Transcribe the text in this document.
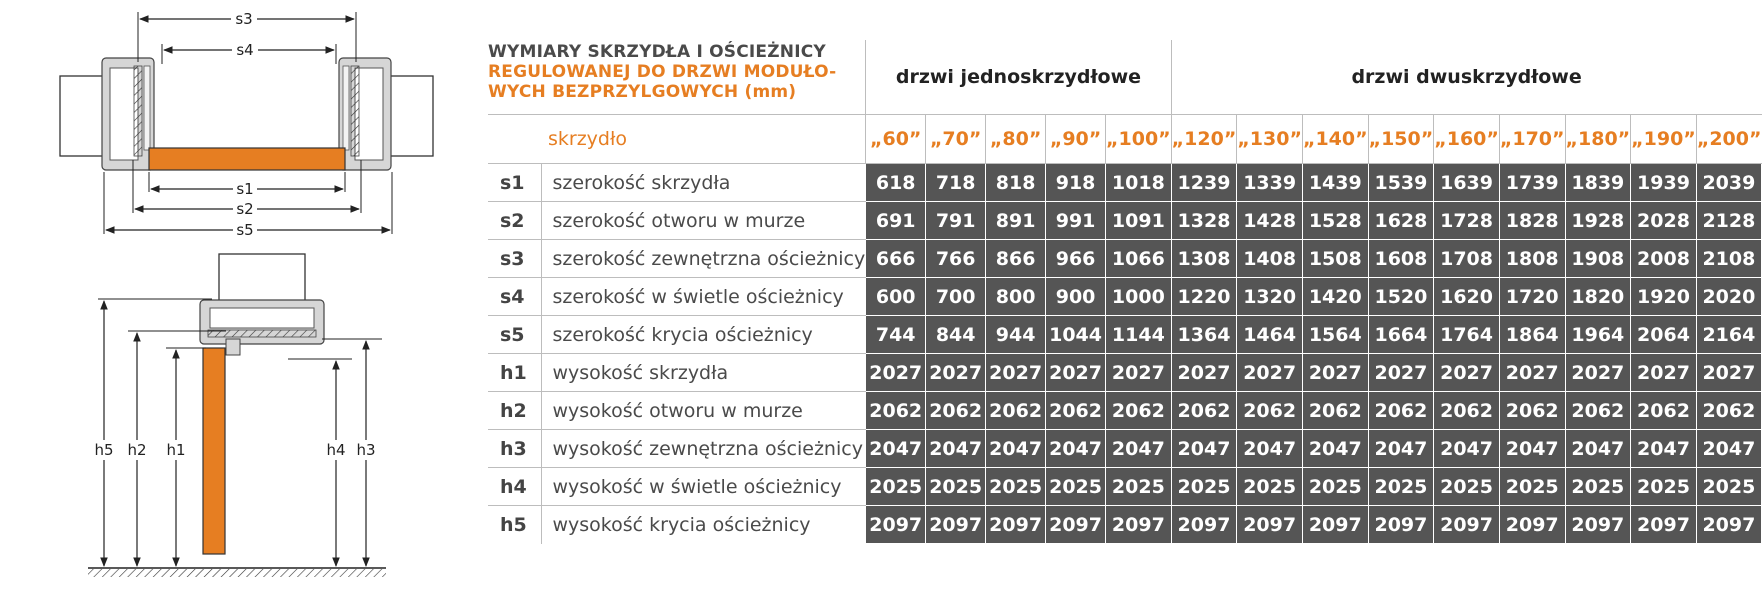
s3
s4
s1
s2
s5
h5 h2 h1	h4 h3
WYMIARY SKRZYDŁA I OŚCIEŻNICY
REGULOWANEJ DO DRZWI MODUŁO-
WYCH BEZPRZYLGOWYCH (mm)		drzwi jednoskrzydłowe					drzwi dwuskrzydłowe								
skrzydło		„60”	„70”	„80”	„90”	„100”	„120”	„130”	„140”	„150”	„160”	„170”	„180”	„190”	„200”
s1	szerokość skrzydła	618	718	818	918	1018	1239	1339	1439	1539	1639	1739	1839	1939	2039
s2	szerokość otworu w murze	691	791	891	991	1091	1328	1428	1528	1628	1728	1828	1928	2028	2128
s3	szerokość zewnętrzna ościeżnicy	666	766	866	966	1066	1308	1408	1508	1608	1708	1808	1908	2008	2108
s4	szerokość w świetle ościeżnicy	600	700	800	900	1000	1220	1320	1420	1520	1620	1720	1820	1920	2020
s5	szerokość krycia ościeżnicy	744	844	944	1044	1144	1364	1464	1564	1664	1764	1864	1964	2064	2164
h1	wysokość skrzydła	2027	2027	2027	2027	2027	2027	2027	2027	2027	2027	2027	2027	2027	2027
h2	wysokość otworu w murze	2062	2062	2062	2062	2062	2062	2062	2062	2062	2062	2062	2062	2062	2062
h3	wysokość zewnętrzna ościeżnicy	2047	2047	2047	2047	2047	2047	2047	2047	2047	2047	2047	2047	2047	2047
h4	wysokość w świetle ościeżnicy	2025	2025	2025	2025	2025	2025	2025	2025	2025	2025	2025	2025	2025	2025
h5	wysokość krycia ościeżnicy	2097	2097	2097	2097	2097	2097	2097	2097	2097	2097	2097	2097	2097	2097
